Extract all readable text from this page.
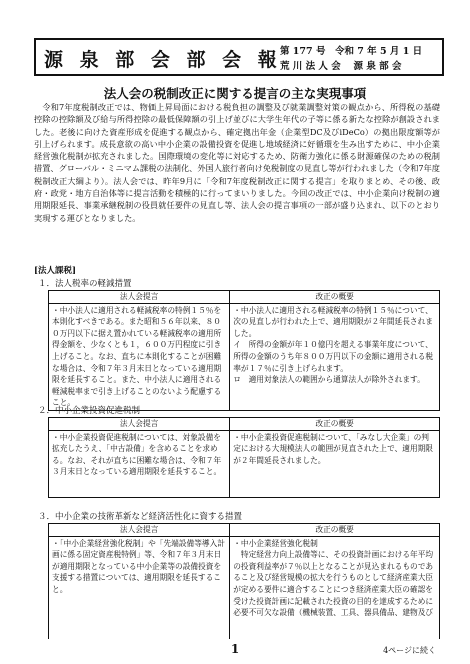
源 泉 部 会 部 会 報
第 177 号　令和 7 年 5 月 1 日
荒 川 法 人 会　 源 泉 部 会
法人会の税制改正に関する提言の主な実現事項

　令和7年度税制改正では、物価上昇局面における税負担の調整及び就業調整対策の観点から、所得税の基礎控除の控除額及び給与所得控除の最低保障額の引上げ並びに大学生年代の子等に係る新たな控除が創設されました。老後に向けた資産形成を促進する観点から、確定拠出年金（企業型DC及びiDeCo）の拠出限度額等が引上げられます。成長意欲の高い中小企業の設備投資を促進し地域経済に好循環を生み出すために、中小企業経営強化税制が拡充されました。国際環境の変化等に対応するため、防衛力強化に係る財源確保のための税制措置、グローバル・ミニマム課税の法制化、外国人旅行者向け免税制度の見直し等が行われました（令和7年度税制改正大綱より）。法人会では、昨年9月に「令和7年度税制改正に関する提言」を取りまとめ、その後、政府・政党・地方自治体等に提言活動を積極的に行ってまいりました。今回の改正では、中小企業向け税制の適用期限延長、事業承継税制の役員就任要件の見直し等、法人会の提言事項の一部が盛り込まれ、以下のとおり実現する運びとなりました。

[法人課税]
１．法人税率の軽減措置
法人会提言	改正の概要
・中小法人に適用される軽減税率の特例１５％を本則化すべきである。また昭和５６年以来、８００万円以下に据え置かれている軽減税率の適用所得金額を、少なくとも１，６００万円程度に引き上げること。なお、直ちに本則化することが困難な場合は、令和７年３月末日となっている適用期限を延長すること。また、中小法人に適用される軽減税率まで引き上げることのないよう配慮すること。	・中小法人に適用される軽減税率の特例１５％について、次の見直しが行われた上で、適用期限が２年間延長されました。
イ　所得の金額が年１０億円を超える事業年度について、所得の金額のうち年８００万円以下の金額に適用される税率が１７％に引き上げられます。
ロ　適用対象法人の範囲から通算法人が除外されます。
２．中小企業投資促進税制
法人会提言	改正の概要
・中小企業投資促進税制については、対象設備を拡充したうえ、「中古設備」を含めることを求める。なお、それが直ちに困難な場合は、令和７年３月末日となっている適用期限を延長すること。	・中小企業投資促進税制について、「みなし大企業」の判定における大規模法人の範囲が見直された上で、適用期限が２年間延長されました。
３．中小企業の技術革新など経済活性化に資する措置
法人会提言	改正の概要
・「中小企業経営強化税制」や「先端設備等導入計画に係る固定資産税特例」等、令和７年３月末日が適用期限となっている中小企業等の設備投資を支援する措置については、適用期限を延長すること。	・中小企業経営強化税制
　特定経営力向上設備等に、その投資計画における年平均の投資利益率が７％以上となることが見込まれるものであること及び経営規模の拡大を行うものとして経済産業大臣が定める要件に適合することにつき経済産業大臣の確認を受けた投資計画に記載された投資の目的を達成するために必要不可欠な設備（機械装置、工具、器具備品、建物及び
1	4ページに続く
